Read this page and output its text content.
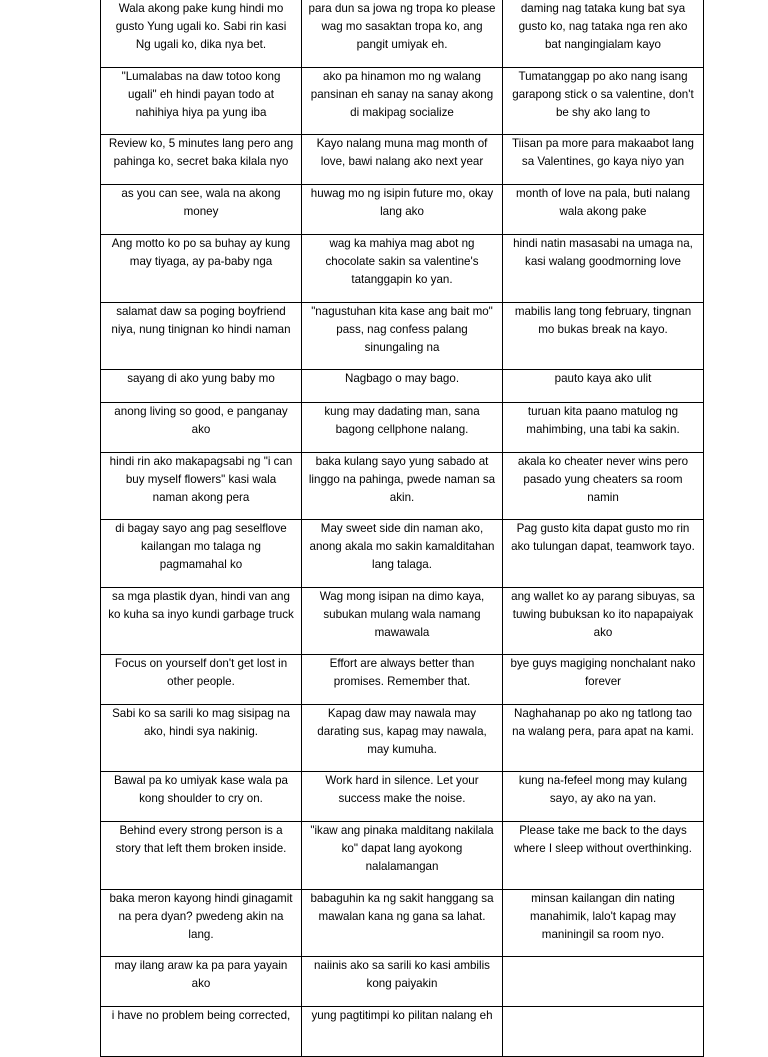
Wala akong pake kung hindi mo gusto Yung ugali ko. Sabi rin kasi Ng ugali ko, dika nya bet.	para dun sa jowa ng tropa ko please wag mo sasaktan tropa ko, ang pangit umiyak eh.	daming nag tataka kung bat sya gusto ko, nag tataka nga ren ako bat nangingialam kayo
"Lumalabas na daw totoo kong ugali" eh hindi payan todo at nahihiya hiya pa yung iba	ako pa hinamon mo ng walang pansinan eh sanay na sanay akong di makipag socialize	Tumatanggap po ako nang isang garapong stick o sa valentine, don't be shy ako lang to
Review ko, 5 minutes lang pero ang pahinga ko, secret baka kilala nyo	Kayo nalang muna mag month of love, bawi nalang ako next year	Tiisan pa more para makaabot lang sa Valentines, go kaya niyo yan
as you can see, wala na akong money	huwag mo ng isipin future mo, okay lang ako	month of love na pala, buti nalang wala akong pake
Ang motto ko po sa buhay ay kung may tiyaga, ay pa-baby nga	wag ka mahiya mag abot ng chocolate sakin sa valentine's tatanggapin ko yan.	hindi natin masasabi na umaga na, kasi walang goodmorning love
salamat daw sa poging boyfriend niya, nung tinignan ko hindi naman	"nagustuhan kita kase ang bait mo" pass, nag confess palang sinungaling na	mabilis lang tong february, tingnan mo bukas break na kayo.
sayang di ako yung baby mo	Nagbago o may bago.	pauto kaya ako ulit
anong living so good, e panganay ako	kung may dadating man, sana bagong cellphone nalang.	turuan kita paano matulog ng mahimbing, una tabi ka sakin.
hindi rin ako makapagsabi ng "i can buy myself flowers" kasi wala naman akong pera	baka kulang sayo yung sabado at linggo na pahinga, pwede naman sa akin.	akala ko cheater never wins pero pasado yung cheaters sa room namin
di bagay sayo ang pag seselflove kailangan mo talaga ng pagmamahal ko	May sweet side din naman ako, anong akala mo sakin kamalditahan lang talaga.	Pag gusto kita dapat gusto mo rin ako tulungan dapat, teamwork tayo.
sa mga plastik dyan, hindi van ang ko kuha sa inyo kundi garbage truck	Wag mong isipan na dimo kaya, subukan mulang wala namang mawawala	ang wallet ko ay parang sibuyas, sa tuwing bubuksan ko ito napapaiyak ako
Focus on yourself don't get lost in other people.	Effort are always better than promises. Remember that.	bye guys magiging nonchalant nako forever
Sabi ko sa sarili ko mag sisipag na ako, hindi sya nakinig.	Kapag daw may nawala may darating sus, kapag may nawala, may kumuha.	Naghahanap po ako ng tatlong tao na walang pera, para apat na kami.
Bawal pa ko umiyak kase wala pa kong shoulder to cry on.	Work hard in silence. Let your success make the noise.	kung na-fefeel mong may kulang sayo, ay ako na yan.
Behind every strong person is a story that left them broken inside.	"ikaw ang pinaka malditang nakilala ko" dapat lang ayokong nalalamangan	Please take me back to the days where I sleep without overthinking.
baka meron kayong hindi ginagamit na pera dyan? pwedeng akin na lang.	babaguhin ka ng sakit hanggang sa mawalan kana ng gana sa lahat.	minsan kailangan din nating manahimik, lalo't kapag may maniningil sa room nyo.
may ilang araw ka pa para yayain ako	naiinis ako sa sarili ko kasi ambilis kong paiyakin	
i have no problem being corrected,	yung pagtitimpi ko pilitan nalang eh	
